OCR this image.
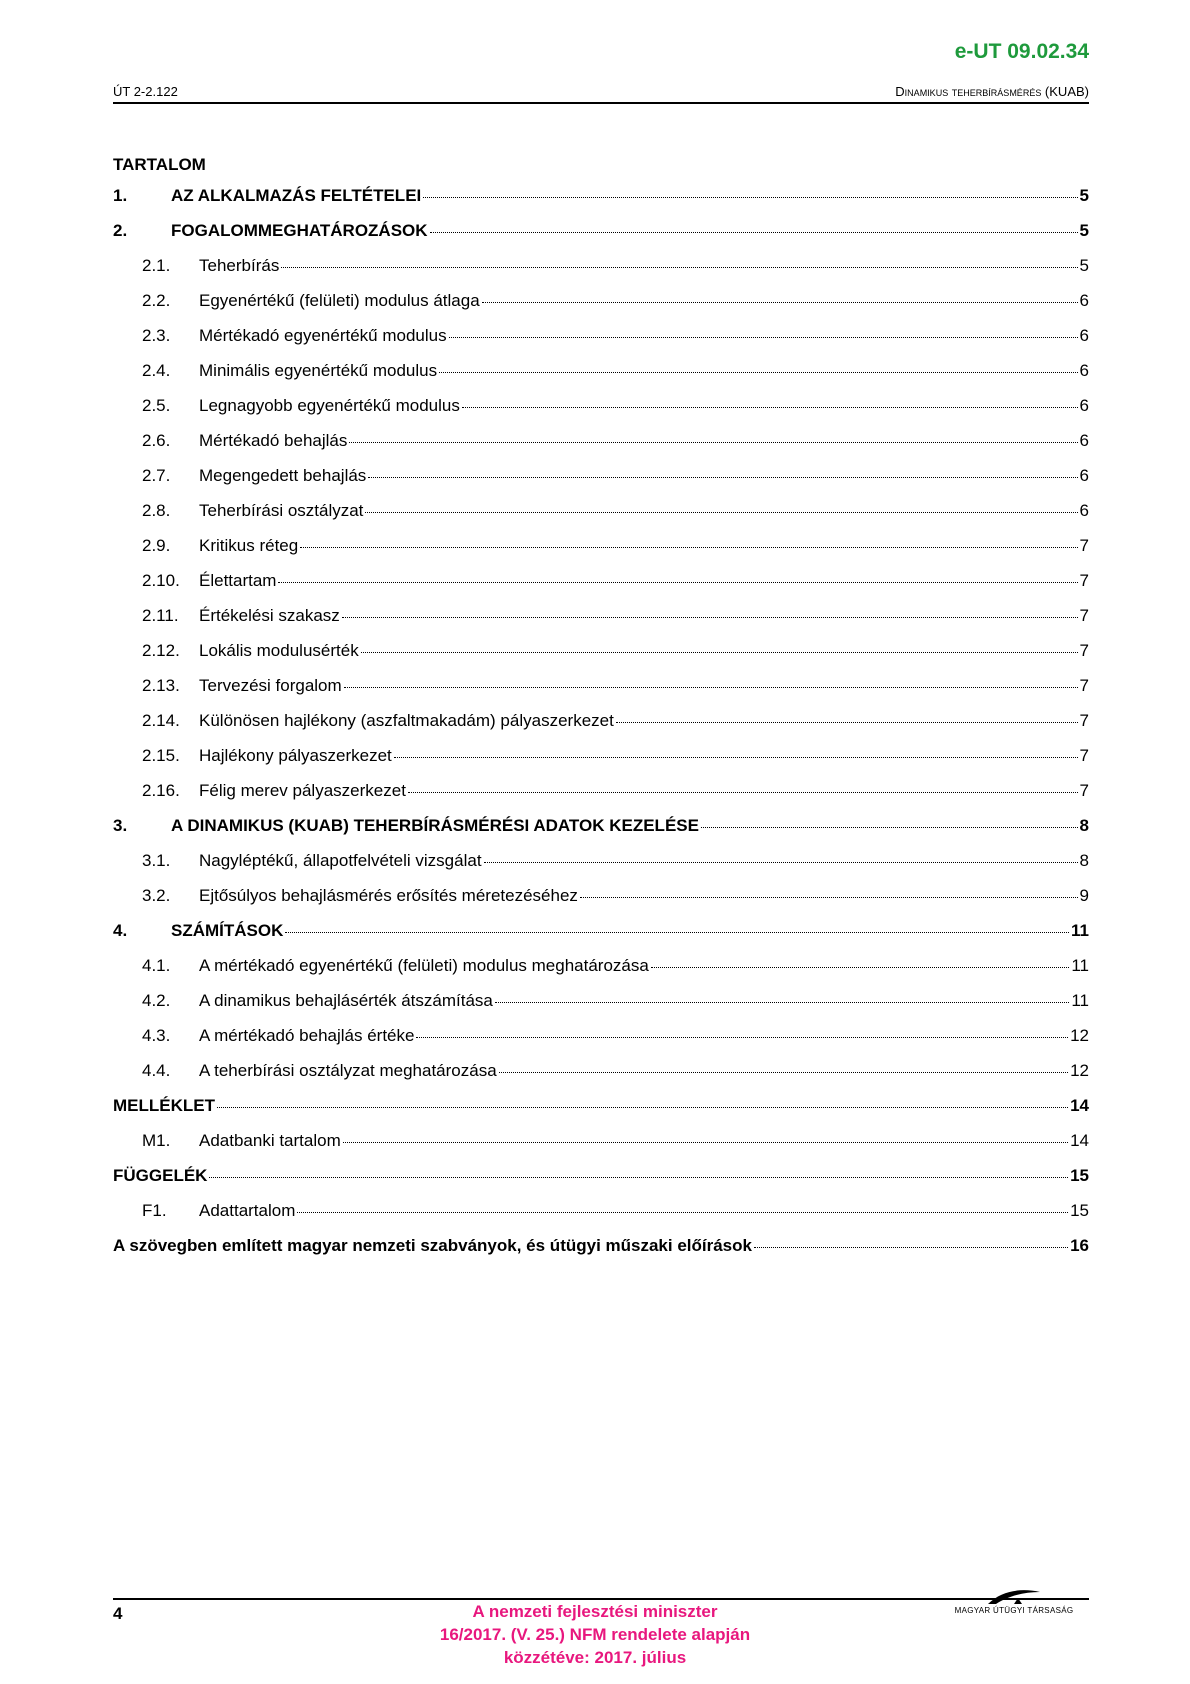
e-UT 09.02.34
ÚT 2-2.122	Dinamikus teherbírásmérés (KUAB)
TARTALOM
1.	AZ ALKALMAZÁS FELTÉTELEI	5
2.	FOGALOMMEGHATÁROZÁSOK	5
2.1.	Teherbírás	5
2.2.	Egyenértékű (felületi) modulus átlaga	6
2.3.	Mértékadó egyenértékű modulus	6
2.4.	Minimális egyenértékű modulus	6
2.5.	Legnagyobb egyenértékű modulus	6
2.6.	Mértékadó behajlás	6
2.7.	Megengedett behajlás	6
2.8.	Teherbírási osztályzat	6
2.9.	Kritikus réteg	7
2.10.	Élettartam	7
2.11.	Értékelési szakasz	7
2.12.	Lokális modulusérték	7
2.13.	Tervezési forgalom	7
2.14.	Különösen hajlékony (aszfaltmakadám) pályaszerkezet	7
2.15.	Hajlékony pályaszerkezet	7
2.16.	Félig merev pályaszerkezet	7
3.	A DINAMIKUS (KUAB) TEHERBÍRÁSMÉRÉSI ADATOK KEZELÉSE	8
3.1.	Nagyléptékű, állapotfelvételi vizsgálat	8
3.2.	Ejtősúlyos behajlásmérés erősítés méretezéséhez	9
4.	SZÁMÍTÁSOK	11
4.1.	A mértékadó egyenértékű (felületi) modulus meghatározása	11
4.2.	A dinamikus behajlásérték átszámítása	11
4.3.	A mértékadó behajlás értéke	12
4.4.	A teherbírási osztályzat meghatározása	12
MELLÉKLET	14
M1.	Adatbanki tartalom	14
FÜGGELÉK	15
F1.	Adattartalom	15
A szövegben említett magyar nemzeti szabványok, és útügyi műszaki előírások	16
4	A nemzeti fejlesztési miniszter
16/2017. (V. 25.) NFM rendelete alapján
közzétéve: 2017. július
MAGYAR ÚTÜGYI TÁRSASÁG
